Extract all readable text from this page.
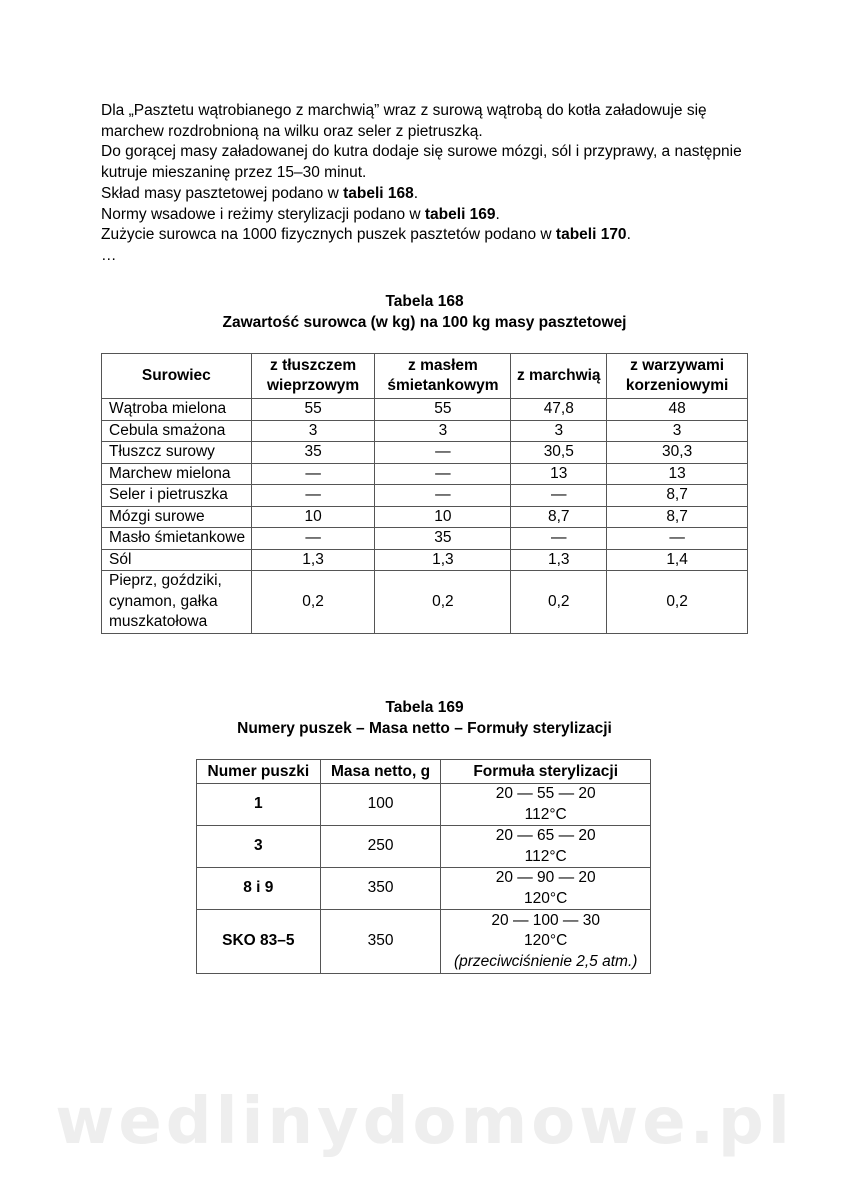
Dla „Pasztetu wątrobianego z marchwią” wraz z surową wątrobą do kotła załadowuje się marchew rozdrobnioną na wilku oraz seler z pietruszką.

Do gorącej masy załadowanej do kutra dodaje się surowe mózgi, sól i przyprawy, a następnie kutruje mieszaninę przez 15–30 minut.

Skład masy pasztetowej podano w tabeli 168.

Normy wsadowe i reżimy sterylizacji podano w tabeli 169.

Zużycie surowca na 1000 fizycznych puszek pasztetów podano w tabeli 170.

…

Tabela 168
Zawartość surowca (w kg) na 100 kg masy pasztetowej
Surowiec	z tłuszczem wieprzowym	z masłem śmietankowym	z marchwią	z warzywami korzeniowymi
Wątroba mielona	55	55	47,8	48
Cebula smażona	3	3	3	3
Tłuszcz surowy	35	—	30,5	30,3
Marchew mielona	—	—	13	13
Seler i pietruszka	—	—	—	8,7
Mózgi surowe	10	10	8,7	8,7
Masło śmietankowe	—	35	—	—
Sól	1,3	1,3	1,3	1,4
Pieprz, goździki, cynamon, gałka muszkatołowa	0,2	0,2	0,2	0,2
Tabela 169
Numery puszek – Masa netto – Formuły sterylizacji
Numer puszki	Masa netto, g	Formuła sterylizacji
1	100	20 — 55 — 20
112°C

3	250	20 — 65 — 20
112°C

8 i 9	350	20 — 90 — 20
120°C

SKO 83–5	350	20 — 100 — 30
120°C
(przeciwciśnienie 2,5 atm.)
wedlinydomowe.pl
